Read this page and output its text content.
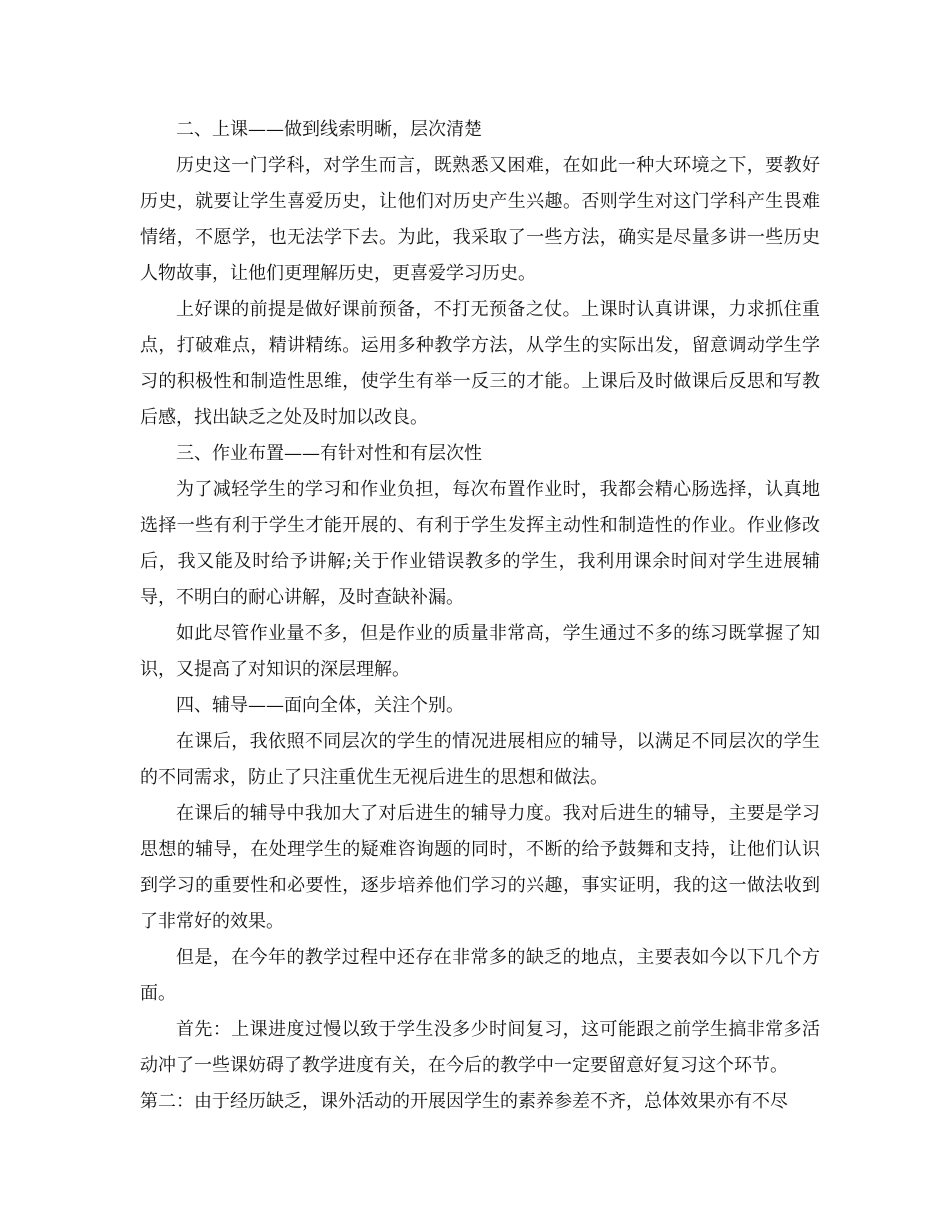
二、上课——做到线索明晰，层次清楚

历史这一门学科，对学生而言，既熟悉又困难，在如此一种大环境之下，要教好历史，就要让学生喜爱历史，让他们对历史产生兴趣。否则学生对这门学科产生畏难情绪，不愿学，也无法学下去。为此，我采取了一些方法，确实是尽量多讲一些历史人物故事，让他们更理解历史，更喜爱学习历史。

上好课的前提是做好课前预备，不打无预备之仗。上课时认真讲课，力求抓住重点，打破难点，精讲精练。运用多种教学方法，从学生的实际出发，留意调动学生学习的积极性和制造性思维，使学生有举一反三的才能。上课后及时做课后反思和写教后感，找出缺乏之处及时加以改良。

三、作业布置——有针对性和有层次性

为了减轻学生的学习和作业负担，每次布置作业时，我都会精心肠选择，认真地选择一些有利于学生才能开展的、有利于学生发挥主动性和制造性的作业。作业修改后，我又能及时给予讲解;关于作业错误教多的学生，我利用课余时间对学生进展辅导，不明白的耐心讲解，及时查缺补漏。

如此尽管作业量不多，但是作业的质量非常高，学生通过不多的练习既掌握了知识，又提高了对知识的深层理解。

四、辅导——面向全体，关注个别。

在课后，我依照不同层次的学生的情况进展相应的辅导，以满足不同层次的学生的不同需求，防止了只注重优生无视后进生的思想和做法。

在课后的辅导中我加大了对后进生的辅导力度。我对后进生的辅导，主要是学习思想的辅导，在处理学生的疑难咨询题的同时，不断的给予鼓舞和支持，让他们认识到学习的重要性和必要性，逐步培养他们学习的兴趣，事实证明，我的这一做法收到了非常好的效果。

但是，在今年的教学过程中还存在非常多的缺乏的地点，主要表如今以下几个方面。

首先：上课进度过慢以致于学生没多少时间复习，这可能跟之前学生搞非常多活动冲了一些课妨碍了教学进度有关，在今后的教学中一定要留意好复习这个环节。

第二：由于经历缺乏，课外活动的开展因学生的素养参差不齐，总体效果亦有不尽
